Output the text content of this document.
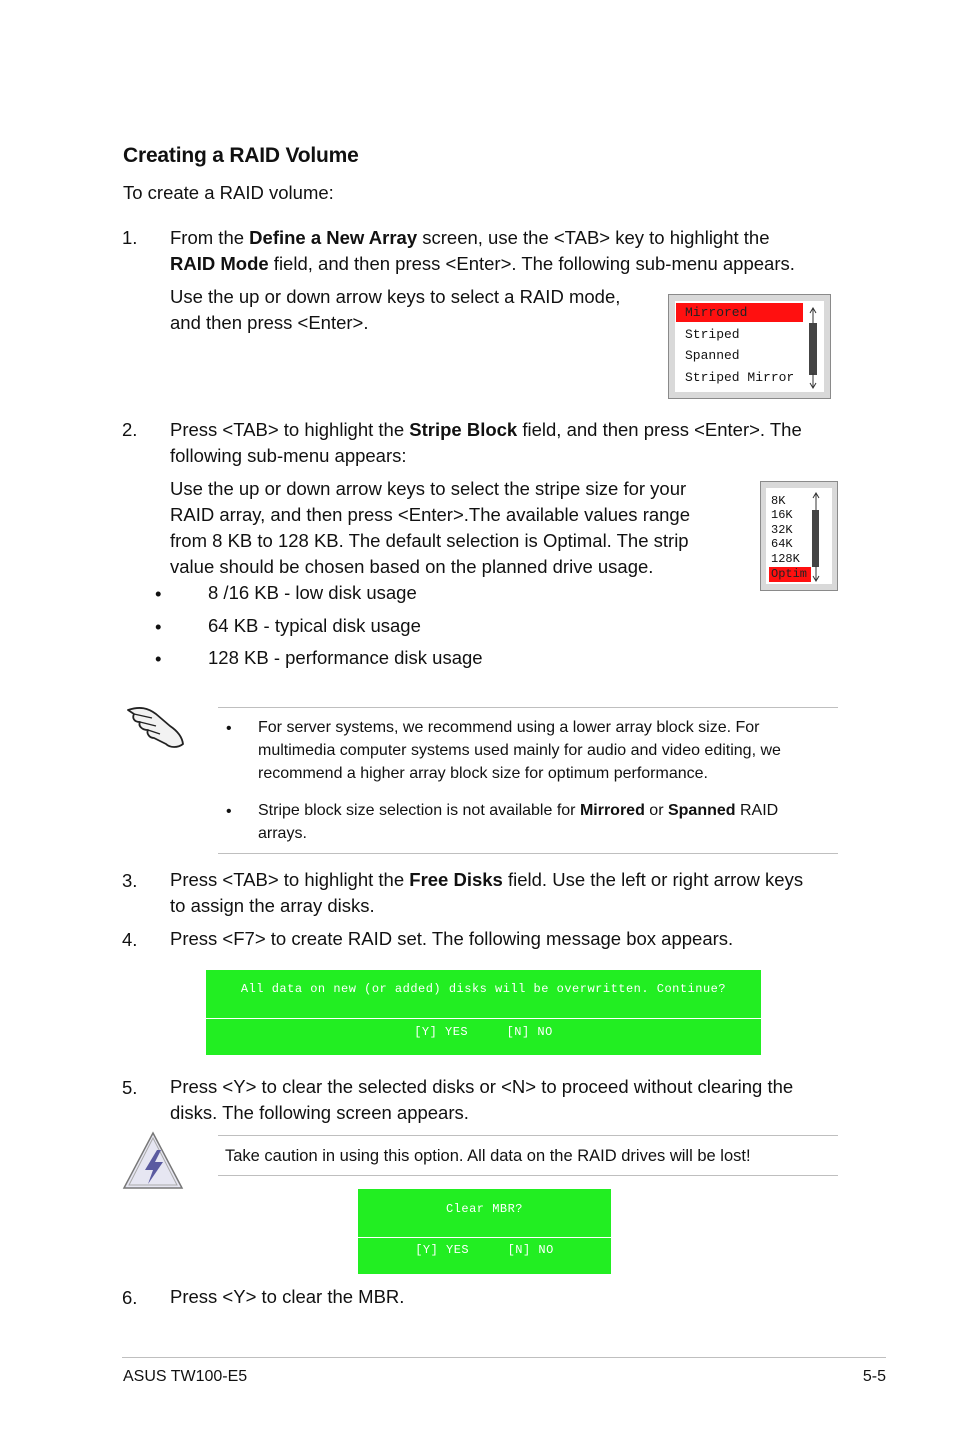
Creating a RAID Volume
To create a RAID volume:
1. From the Define a New Array screen, use the <TAB> key to highlight the
RAID Mode field, and then press <Enter>. The following sub-menu appears.
Use the up or down arrow keys to select a RAID mode,
and then press <Enter>.	Mirrored
Striped
Spanned
Striped Mirror
2. Press <TAB> to highlight the Stripe Block field, and then press <Enter>. The
following sub-menu appears:
Use the up or down arrow keys to select the stripe size for your
RAID array, and then press <Enter>.The available values range
from 8 KB to 128 KB. The default selection is Optimal. The strip
value should be chosen based on the planned drive usage.
•	8 /16 KB - low disk usage
•	64 KB - typical disk usage
•	128 KB - performance disk usage
8K
16K
32K
64K
128K
Optim
• For server systems, we recommend using a lower array block size. For
multimedia computer systems used mainly for audio and video editing, we
recommend a higher array block size for optimum performance.
• Stripe block size selection is not available for Mirrored or Spanned RAID
arrays.
3. Press <TAB> to highlight the Free Disks field. Use the left or right arrow keys
to assign the array disks.
4. Press <F7> to create RAID set. The following message box appears.
All data on new (or added) disks will be overwritten. Continue?
[Y] YES     [N] NO
5. Press <Y> to clear the selected disks or <N> to proceed without clearing the
disks. The following screen appears.
Take caution in using this option. All data on the RAID drives will be lost!
Clear MBR?
[Y] YES     [N] NO
6. Press <Y> to clear the MBR.
ASUS TW100-E5	5-5
